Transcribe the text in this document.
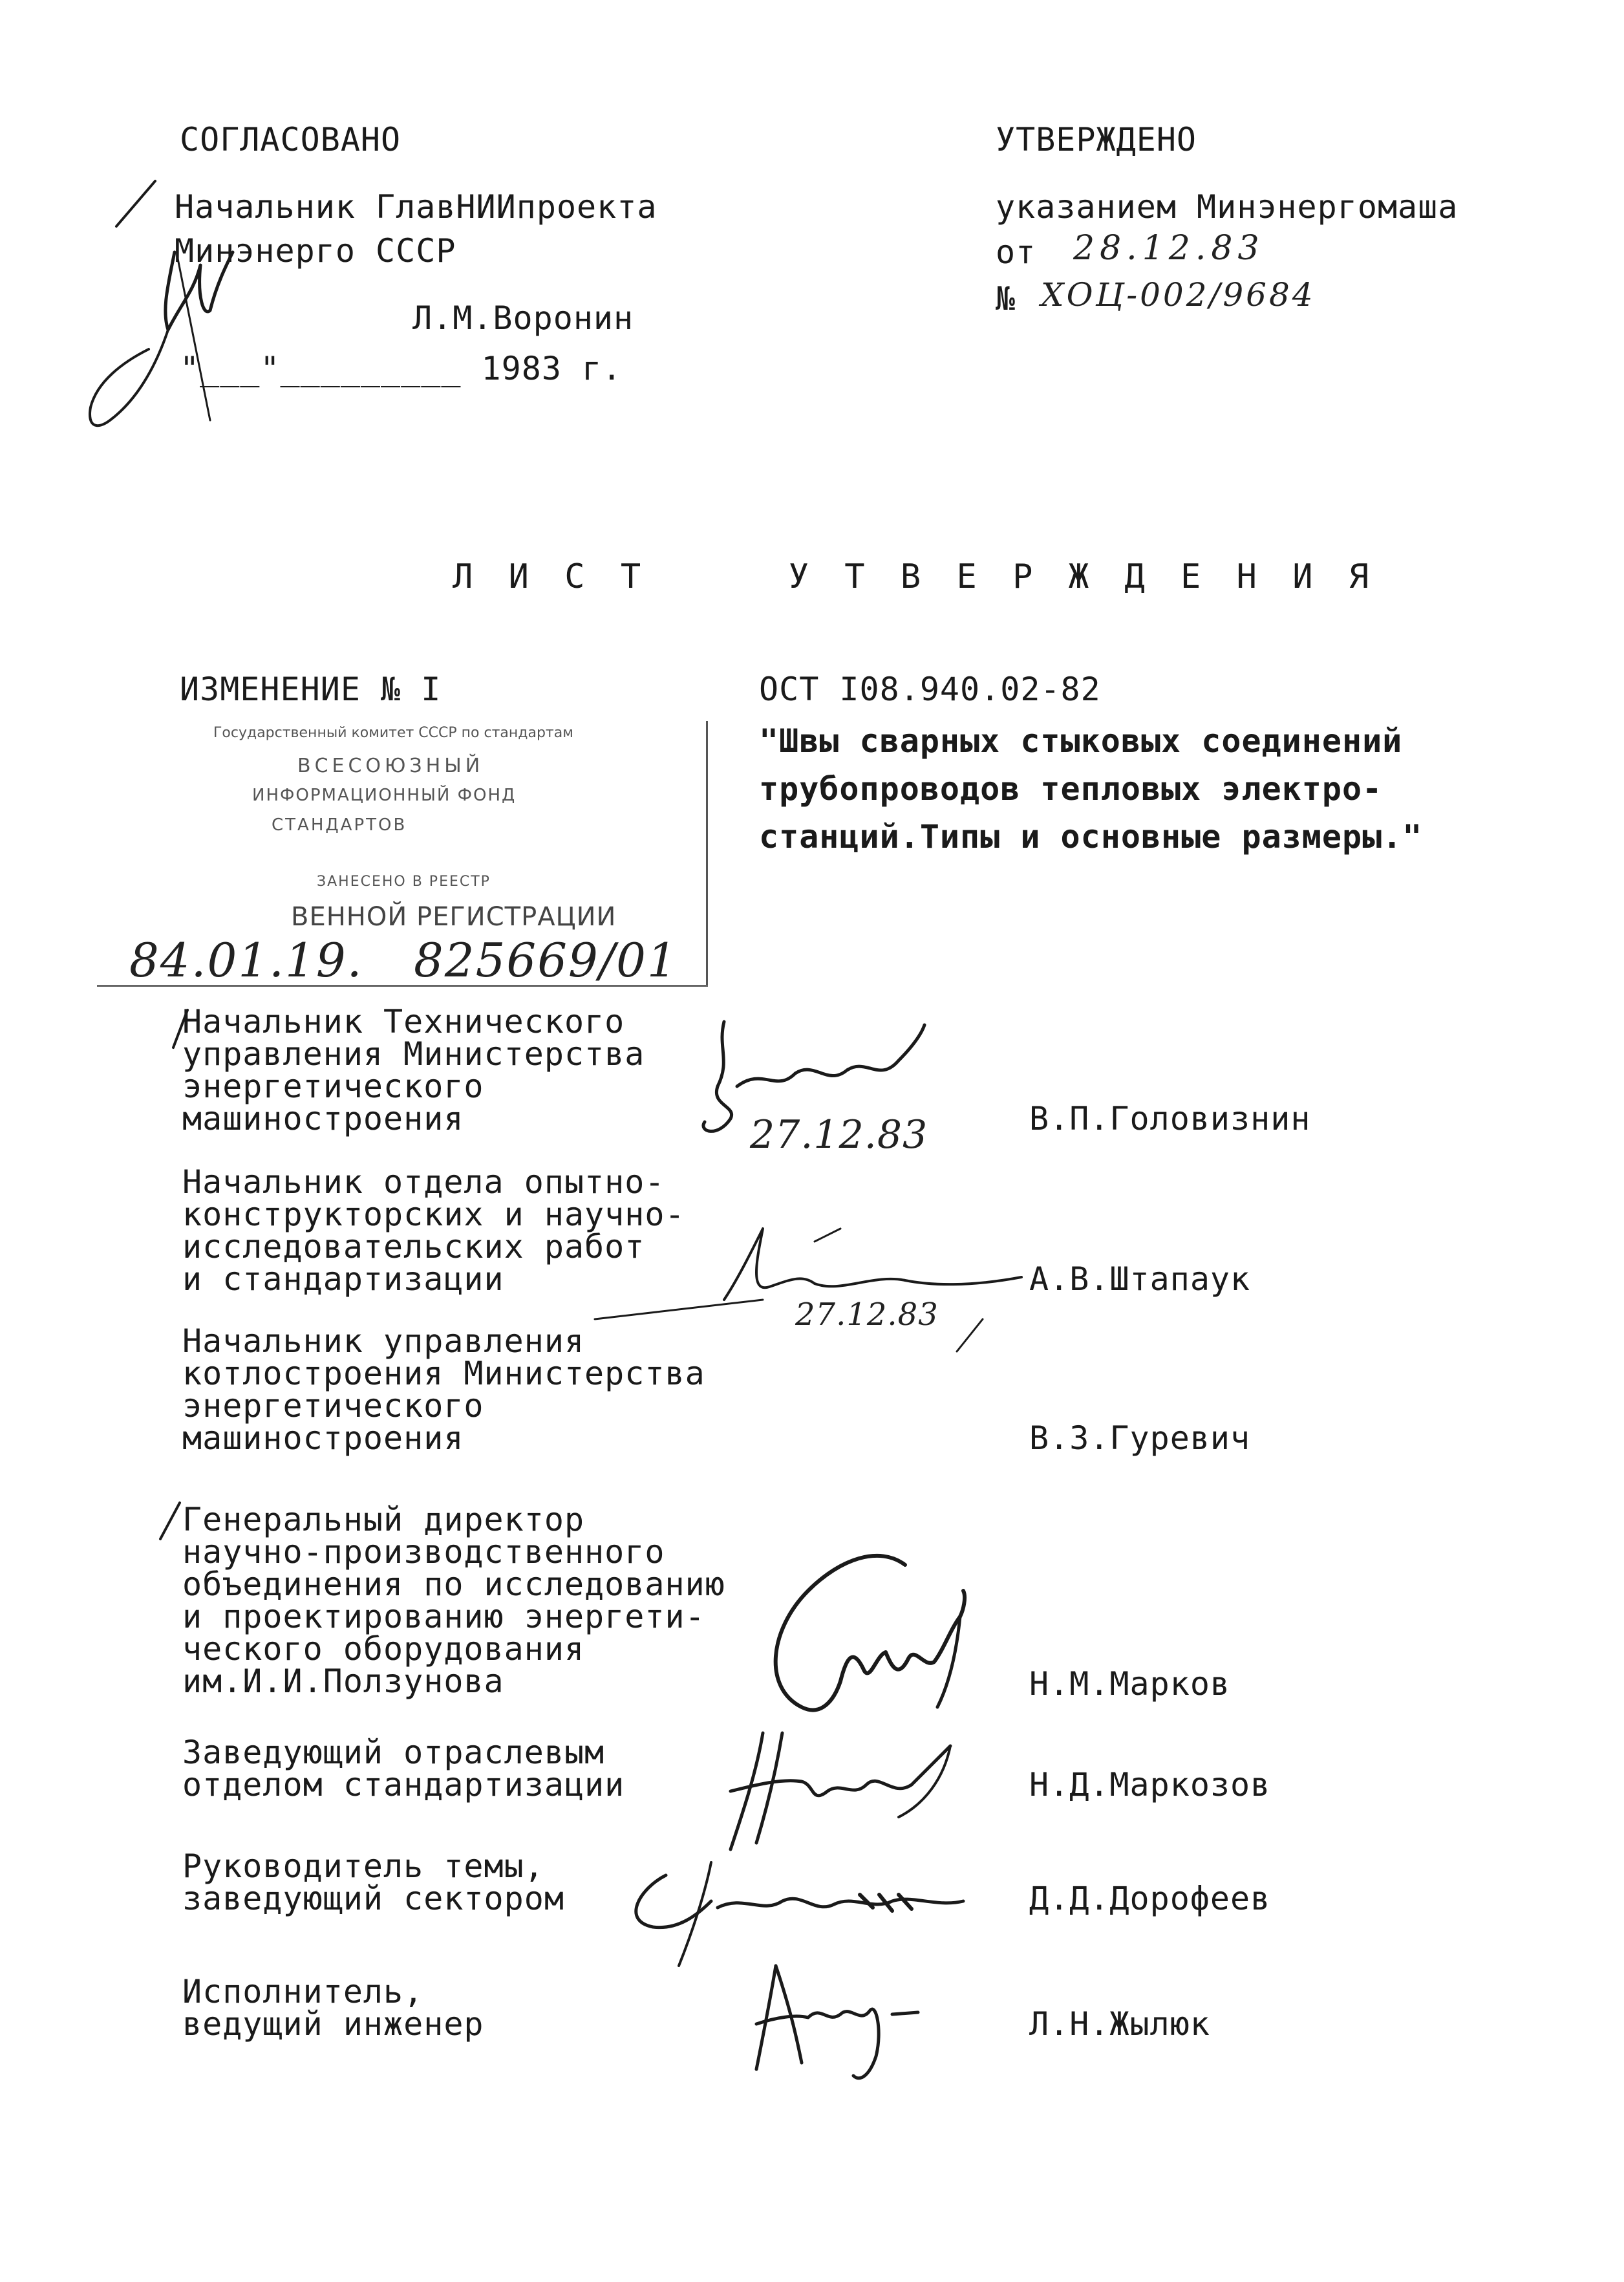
СОГЛАСОВАНО
Начальник ГлавНИИпроекта
Минэнерго СССР
Л.М.Воронин
"___"_________ 1983 г.
УТВЕРЖДЕНО
указанием Минэнергомаша
от 28.12.83
№ ХОЦ-002/9684
Л И С Т     У Т В Е Р Ж Д Е Н И Я
ИЗМЕНЕНИЕ № I	ОСТ I08.940.02-82
"Швы сварных стыковых соединений
трубопроводов тепловых электро-
станций.Типы и основные размеры."
Государственный комитет СССР по стандартам
ВСЕСОЮЗНЫЙ
ИНФОРМАЦИОННЫЙ ФОНД
СТАНДАРТОВ
ЗАНЕСЕНО В РЕЕСТР
ВЕННОЙ РЕГИСТРАЦИИ
84.01.19. 825669/01
Начальник Технического
управления Министерства
энергетического
машиностроения	27.12.83	В.П.Головизнин
Начальник отдела опытно-
конструкторских и научно-
исследовательских работ
и стандартизации
27.12.83
А.В.Штапаук
Начальник управления
котлостроения Министерства
энергетического
машиностроения	В.З.Гуревич
Генеральный директор
научно-производственного
объединения по исследованию
и проектированию энергети-
ческого оборудования
им.И.И.Ползунова	Н.М.Марков
Заведующий отраслевым
отделом стандартизации	Н.Д.Маркозов
Руководитель темы,
заведующий сектором	Д.Д.Дорофеев
Исполнитель,
ведущий инженер	Л.Н.Жылюк
